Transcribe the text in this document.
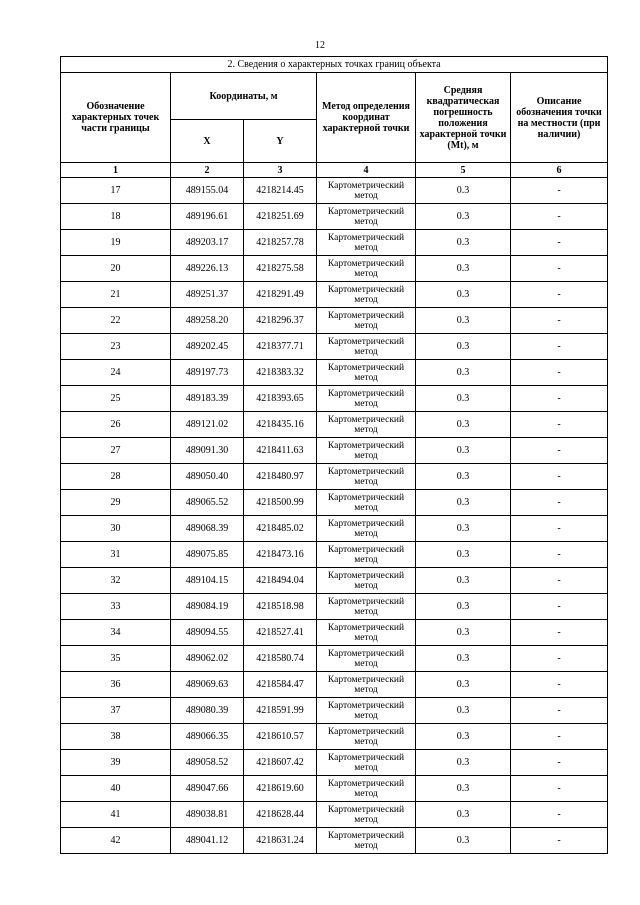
12
2. Сведения о характерных точках границ объекта					
Обозначение характерных точек части границы	Координаты, м		Метод определения координат характерной точки	Средняя квадратическая погрешность положения характерной точки (Mt), м	Описание обозначения точки на местности (при наличии)
	X	Y			
1	2	3	4	5	6
17	489155.04	4218214.45	Картометрический метод	0.3	-
18	489196.61	4218251.69	Картометрический метод	0.3	-
19	489203.17	4218257.78	Картометрический метод	0.3	-
20	489226.13	4218275.58	Картометрический метод	0.3	-
21	489251.37	4218291.49	Картометрический метод	0.3	-
22	489258.20	4218296.37	Картометрический метод	0.3	-
23	489202.45	4218377.71	Картометрический метод	0.3	-
24	489197.73	4218383.32	Картометрический метод	0.3	-
25	489183.39	4218393.65	Картометрический метод	0.3	-
26	489121.02	4218435.16	Картометрический метод	0.3	-
27	489091.30	4218411.63	Картометрический метод	0.3	-
28	489050.40	4218480.97	Картометрический метод	0.3	-
29	489065.52	4218500.99	Картометрический метод	0.3	-
30	489068.39	4218485.02	Картометрический метод	0.3	-
31	489075.85	4218473.16	Картометрический метод	0.3	-
32	489104.15	4218494.04	Картометрический метод	0.3	-
33	489084.19	4218518.98	Картометрический метод	0.3	-
34	489094.55	4218527.41	Картометрический метод	0.3	-
35	489062.02	4218580.74	Картометрический метод	0.3	-
36	489069.63	4218584.47	Картометрический метод	0.3	-
37	489080.39	4218591.99	Картометрический метод	0.3	-
38	489066.35	4218610.57	Картометрический метод	0.3	-
39	489058.52	4218607.42	Картометрический метод	0.3	-
40	489047.66	4218619.60	Картометрический метод	0.3	-
41	489038.81	4218628.44	Картометрический метод	0.3	-
42	489041.12	4218631.24	Картометрический метод	0.3	-
